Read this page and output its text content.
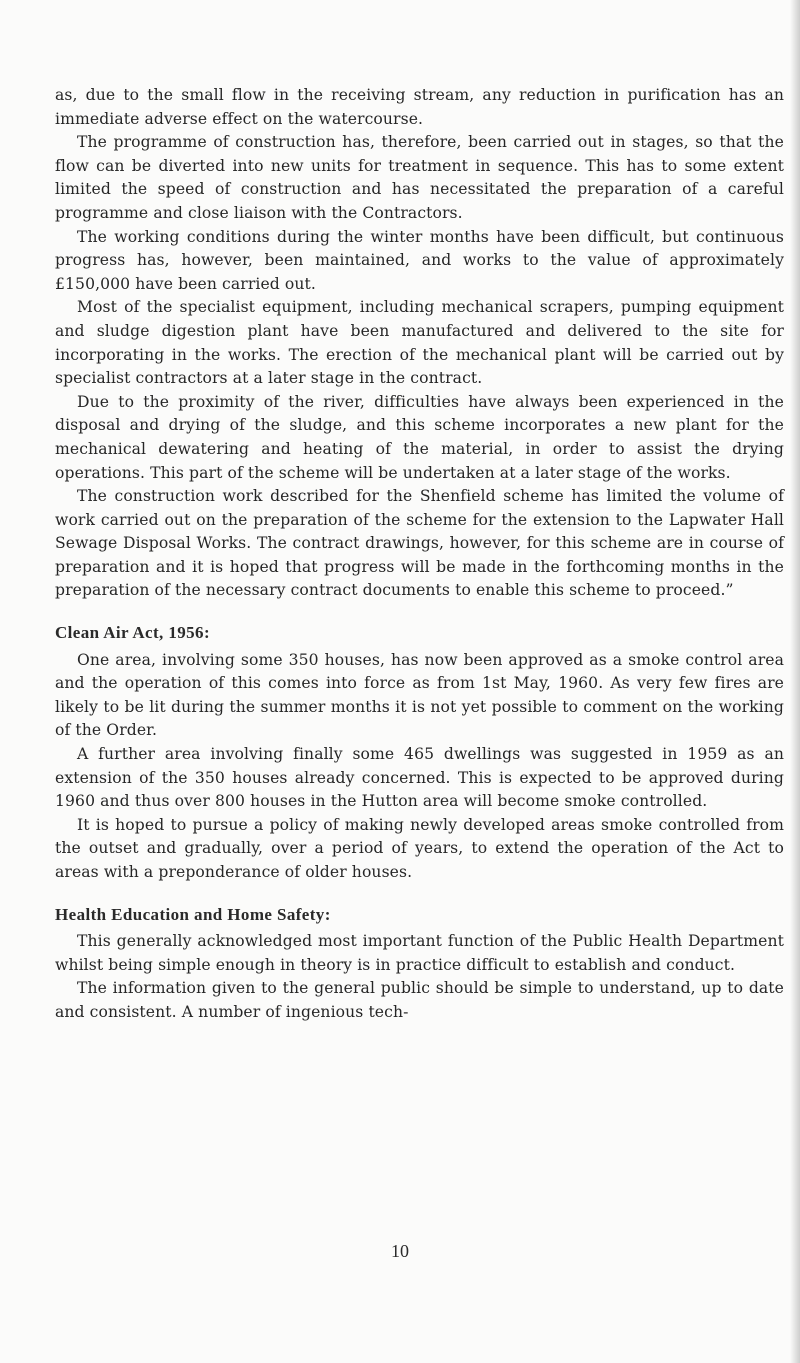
as, due to the small flow in the receiving stream, any reduction in purification has an immediate adverse effect on the watercourse.

The programme of construction has, therefore, been carried out in stages, so that the flow can be diverted into new units for treatment in sequence. This has to some extent limited the speed of construction and has necessitated the preparation of a careful programme and close liaison with the Contractors.

The working conditions during the winter months have been difficult, but continuous progress has, however, been maintained, and works to the value of approximately £150,000 have been carried out.

Most of the specialist equipment, including mechanical scrapers, pumping equipment and sludge digestion plant have been manufactured and delivered to the site for incorporating in the works. The erection of the mechanical plant will be carried out by specialist contractors at a later stage in the contract.

Due to the proximity of the river, difficulties have always been experienced in the disposal and drying of the sludge, and this scheme incorporates a new plant for the mechanical dewatering and heating of the material, in order to assist the drying operations. This part of the scheme will be undertaken at a later stage of the works.

The construction work described for the Shenfield scheme has limited the volume of work carried out on the preparation of the scheme for the extension to the Lapwater Hall Sewage Disposal Works. The contract drawings, however, for this scheme are in course of preparation and it is hoped that progress will be made in the forthcoming months in the preparation of the necessary contract documents to enable this scheme to proceed.”

Clean Air Act, 1956:

One area, involving some 350 houses, has now been approved as a smoke control area and the operation of this comes into force as from 1st May, 1960. As very few fires are likely to be lit during the summer months it is not yet possible to comment on the working of the Order.

A further area involving finally some 465 dwellings was suggested in 1959 as an extension of the 350 houses already concerned. This is expected to be approved during 1960 and thus over 800 houses in the Hutton area will become smoke controlled.

It is hoped to pursue a policy of making newly developed areas smoke controlled from the outset and gradually, over a period of years, to extend the operation of the Act to areas with a preponderance of older houses.

Health Education and Home Safety:

This generally acknowledged most important function of the Public Health Department whilst being simple enough in theory is in practice difficult to establish and conduct.

The information given to the general public should be simple to understand, up to date and consistent. A number of ingenious tech-

10
